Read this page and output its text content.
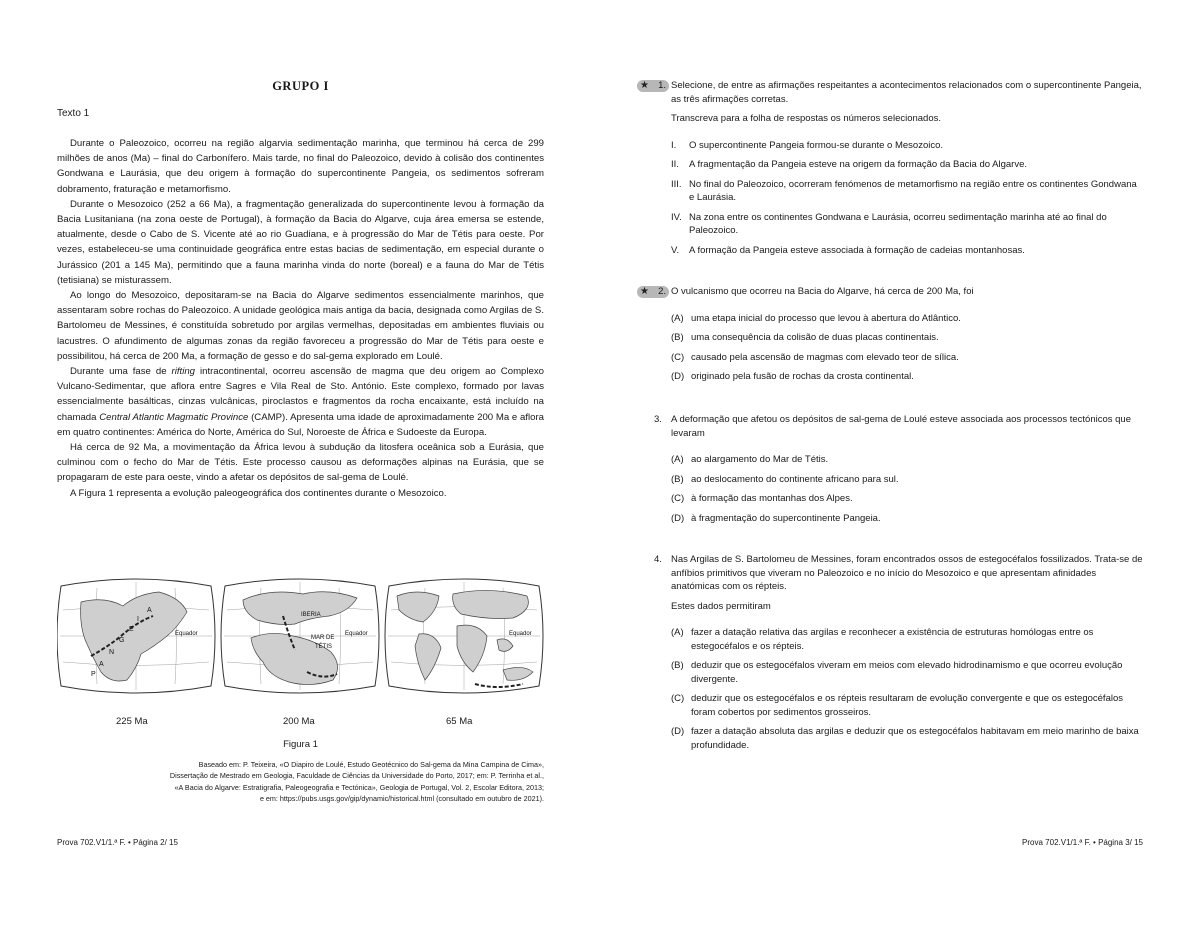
GRUPO I
Texto 1

Durante o Paleozoico, ocorreu na região algarvia sedimentação marinha, que terminou há cerca de 299 milhões de anos (Ma) – final do Carbonífero. Mais tarde, no final do Paleozoico, devido à colisão dos continentes Gondwana e Laurásia, que deu origem à formação do supercontinente Pangeia, os sedimentos sofreram dobramento, fraturação e metamorfismo.

Durante o Mesozoico (252 a 66 Ma), a fragmentação generalizada do supercontinente levou à formação da Bacia Lusitaniana (na zona oeste de Portugal), à formação da Bacia do Algarve, cuja área emersa se estende, atualmente, desde o Cabo de S. Vicente até ao rio Guadiana, e à progressão do Mar de Tétis para oeste. Por vezes, estabeleceu-se uma continuidade geográfica entre estas bacias de sedimentação, em especial durante o Jurássico (201 a 145 Ma), permitindo que a fauna marinha vinda do norte (boreal) e a fauna do Mar de Tétis (tetisiana) se misturassem.

Ao longo do Mesozoico, depositaram-se na Bacia do Algarve sedimentos essencialmente marinhos, que assentaram sobre rochas do Paleozoico. A unidade geológica mais antiga da bacia, designada como Argilas de S. Bartolomeu de Messines, é constituída sobretudo por argilas vermelhas, depositadas em ambientes fluviais ou lacustres. O afundimento de algumas zonas da região favoreceu a progressão do Mar de Tétis para oeste e possibilitou, há cerca de 200 Ma, a formação de gesso e do sal-gema explorado em Loulé.

Durante uma fase de rifting intracontinental, ocorreu ascensão de magma que deu origem ao Complexo Vulcano-Sedimentar, que aflora entre Sagres e Vila Real de Sto. António. Este complexo, formado por lavas essencialmente basálticas, cinzas vulcânicas, piroclastos e fragmentos da rocha encaixante, está incluído na chamada Central Atlantic Magmatic Province (CAMP). Apresenta uma idade de aproximadamente 200 Ma e aflora em quatro continentes: América do Norte, América do Sul, Noroeste de África e Sudoeste da Europa.

Há cerca de 92 Ma, a movimentação da África levou à subdução da litosfera oceânica sob a Eurásia, que culminou com o fecho do Mar de Tétis. Este processo causou as deformações alpinas na Eurásia, que se propagaram de este para oeste, vindo a afetar os depósitos de sal-gema de Loulé.

A Figura 1 representa a evolução paleogeográfica dos continentes durante o Mesozoico.

A
I
E
G
N
A
P
Equador
IBERIA
MAR DE
TÉTIS
Equador	Equador
225 Ma	200 Ma	65 Ma
Figura 1
Baseado em: P. Teixeira, «O Diapiro de Loulé, Estudo Geotécnico do Sal-gema da Mina Campina de Cima»,
Dissertação de Mestrado em Geologia, Faculdade de Ciências da Universidade do Porto, 2017; em: P. Terrinha et al.,
«A Bacia do Algarve: Estratigrafia, Paleogeografia e Tectónica», Geologia de Portugal, Vol. 2, Escolar Editora, 2013;
e em: https://pubs.usgs.gov/gip/dynamic/historical.html (consultado em outubro de 2021).
Prova 702.V1/1.ª F. • Página 2/ 15
★ 1. Selecione, de entre as afirmações respeitantes a acontecimentos relacionados com o supercontinente Pangeia, as três afirmações corretas.
Transcreva para a folha de respostas os números selecionados.
I. O supercontinente Pangeia formou-se durante o Mesozoico.
II. A fragmentação da Pangeia esteve na origem da formação da Bacia do Algarve.
III. No final do Paleozoico, ocorreram fenómenos de metamorfismo na região entre os continentes Gondwana e Laurásia.
IV. Na zona entre os continentes Gondwana e Laurásia, ocorreu sedimentação marinha até ao final do Paleozoico.
V. A formação da Pangeia esteve associada à formação de cadeias montanhosas.
★ 2. O vulcanismo que ocorreu na Bacia do Algarve, há cerca de 200 Ma, foi
(A) uma etapa inicial do processo que levou à abertura do Atlântico.
(B) uma consequência da colisão de duas placas continentais.
(C) causado pela ascensão de magmas com elevado teor de sílica.
(D) originado pela fusão de rochas da crosta continental.
3. A deformação que afetou os depósitos de sal-gema de Loulé esteve associada aos processos tectónicos que levaram
(A) ao alargamento do Mar de Tétis.
(B) ao deslocamento do continente africano para sul.
(C) à formação das montanhas dos Alpes.
(D) à fragmentação do supercontinente Pangeia.
4. Nas Argilas de S. Bartolomeu de Messines, foram encontrados ossos de estegocéfalos fossilizados. Trata-se de anfíbios primitivos que viveram no Paleozoico e no início do Mesozoico e que apresentam afinidades anatómicas com os répteis.
Estes dados permitiram
(A) fazer a datação relativa das argilas e reconhecer a existência de estruturas homólogas entre os estegocéfalos e os répteis.
(B) deduzir que os estegocéfalos viveram em meios com elevado hidrodinamismo e que ocorreu evolução divergente.
(C) deduzir que os estegocéfalos e os répteis resultaram de evolução convergente e que os estegocéfalos foram cobertos por sedimentos grosseiros.
(D) fazer a datação absoluta das argilas e deduzir que os estegocéfalos habitavam em meio marinho de baixa profundidade.
Prova 702.V1/1.ª F. • Página 3/ 15
